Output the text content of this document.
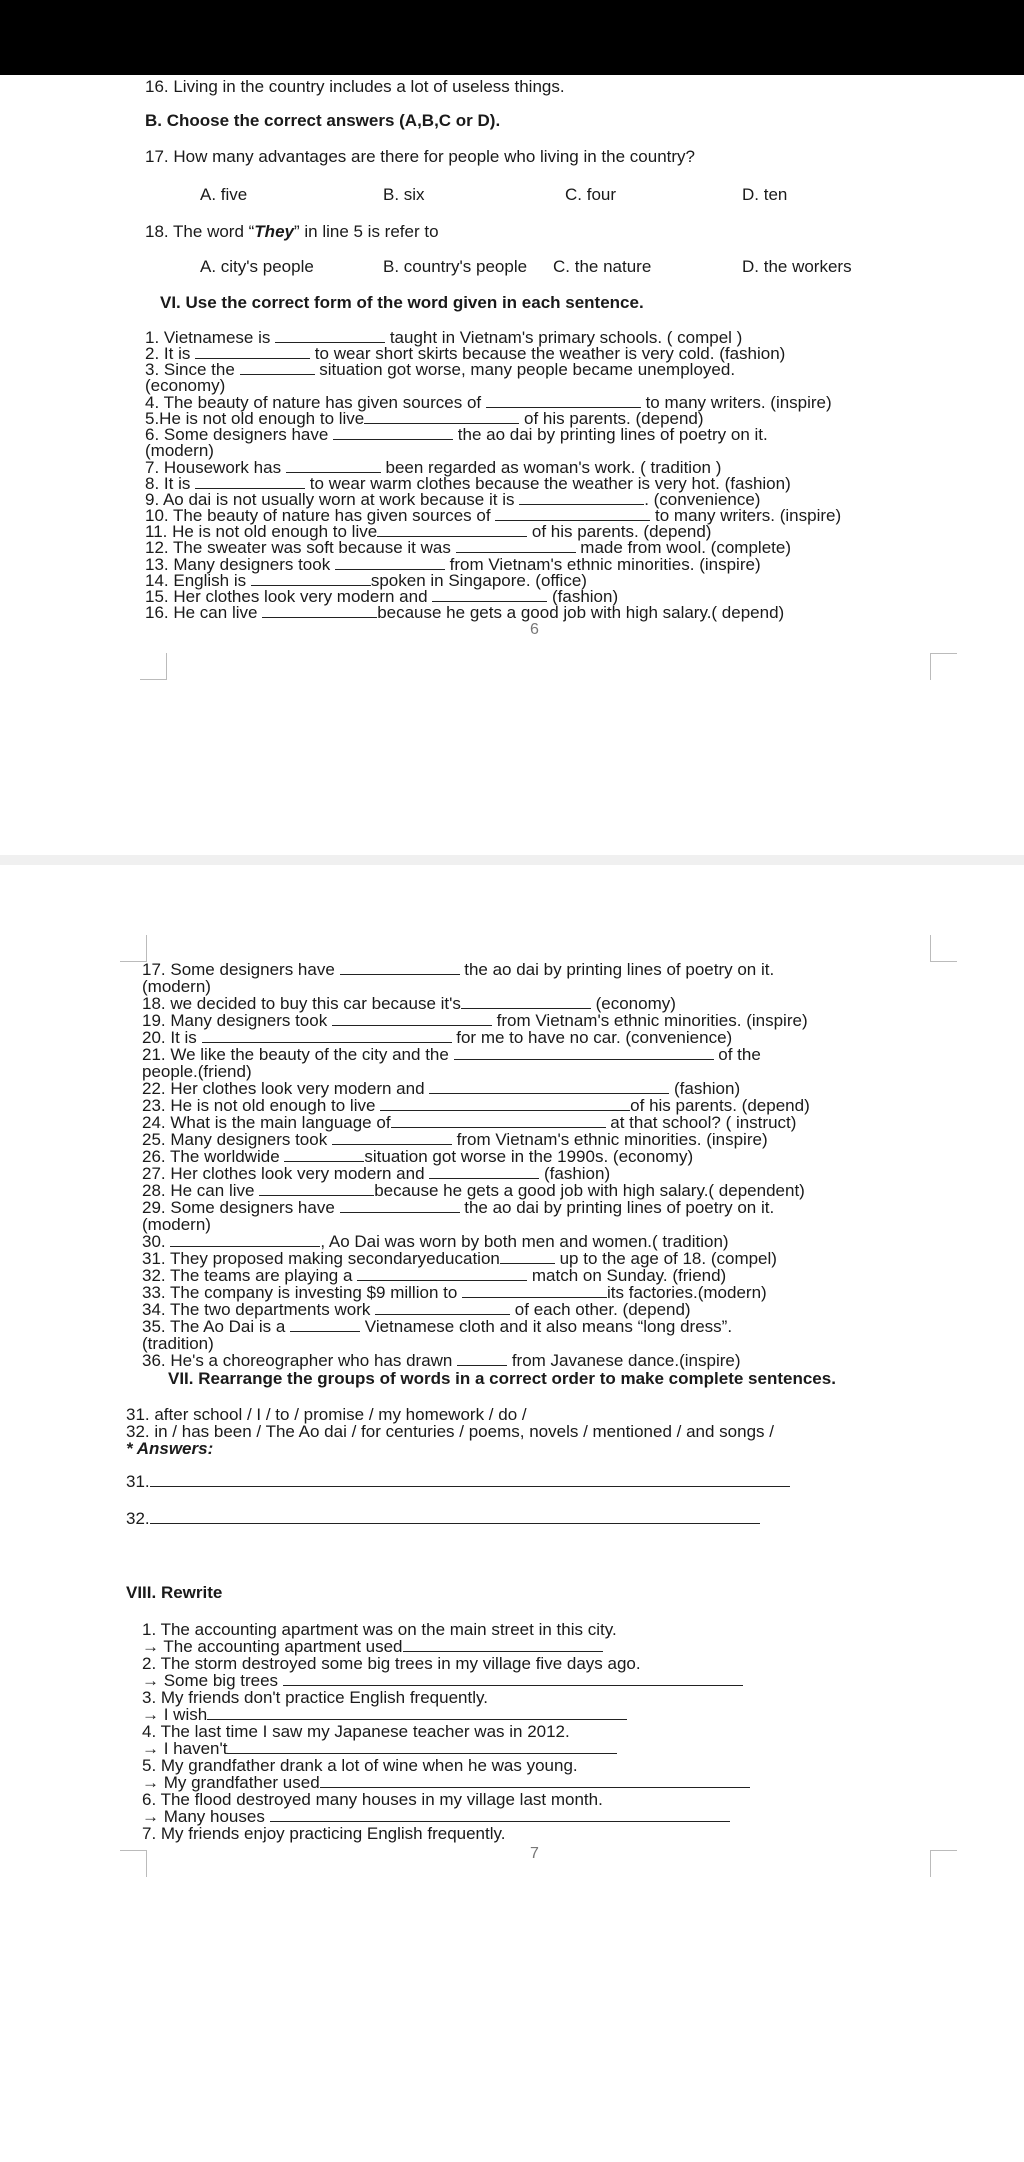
16. Living in the country includes a lot of useless things.
B. Choose the correct answers (A,B,C or D).
17. How many advantages are there for people who living in the country?
A. five	B. six	C. four	D. ten
18. The word “They” in line 5 is refer to
A. city's people	B. country's people C. the nature	D. the workers
VI. Use the correct form of the word given in each sentence.
1. Vietnamese is	taught in Vietnam's primary schools. ( compel )
2. It is	to wear short skirts because the weather is very cold. (fashion)
3. Since the	situation got worse, many people became unemployed.
(economy)
4. The beauty of nature has given sources of	to many writers. (inspire)
5.He is not old enough to live	of his parents. (depend)
6. Some designers have	the ao dai by printing lines of poetry on it.
(modern)
7. Housework has	been regarded as woman's work. ( tradition )
8. It is	to wear warm clothes because the weather is very hot. (fashion)
9. Ao dai is not usually worn at work because it is	. (convenience)
10. The beauty of nature has given sources of	to many writers. (inspire)
11. He is not old enough to live	of his parents. (depend)
12. The sweater was soft because it was	made from wool. (complete)
13. Many designers took	from Vietnam's ethnic minorities. (inspire)
14. English is	spoken in Singapore. (office)
15. Her clothes look very modern and	(fashion)
16. He can live	because he gets a good job with high salary.( depend)
6
17. Some designers have	the ao dai by printing lines of poetry on it.
(modern)
18. we decided to buy this car because it's	(economy)
19. Many designers took	from Vietnam's ethnic minorities. (inspire)
20. It is	for me to have no car. (convenience)
21. We like the beauty of the city and the	of the
people.(friend)
22. Her clothes look very modern and	(fashion)
23. He is not old enough to live	of his parents. (depend)
24. What is the main language of	at that school? ( instruct)
25. Many designers took	from Vietnam's ethnic minorities. (inspire)
26. The worldwide	situation got worse in the 1990s. (economy)
27. Her clothes look very modern and	(fashion)
28. He can live	because he gets a good job with high salary.( dependent)
29. Some designers have	the ao dai by printing lines of poetry on it.
(modern)
30.	, Ao Dai was worn by both men and women.( tradition)
31. They proposed making secondaryeducation	up to the age of 18. (compel)
32. The teams are playing a	match on Sunday. (friend)
33. The company is investing $9 million to	its factories.(modern)
34. The two departments work	of each other. (depend)
35. The Ao Dai is a	Vietnamese cloth and it also means “long dress”.
(tradition)
36. He's a choreographer who has drawn	from Javanese dance.(inspire)
VII. Rearrange the groups of words in a correct order to make complete sentences.
31. after school / I / to / promise / my homework / do /
32. in / has been / The Ao dai / for centuries / poems, novels / mentioned / and songs /
* Answers:
31.
32.
VIII. Rewrite
1. The accounting apartment was on the main street in this city.
→ The accounting apartment used
2. The storm destroyed some big trees in my village five days ago.
→ Some big trees
3. My friends don't practice English frequently.
→ I wish
4. The last time I saw my Japanese teacher was in 2012.
→ I haven't
5. My grandfather drank a lot of wine when he was young.
→ My grandfather used
6. The flood destroyed many houses in my village last month.
→ Many houses
7. My friends enjoy practicing English frequently.
7
